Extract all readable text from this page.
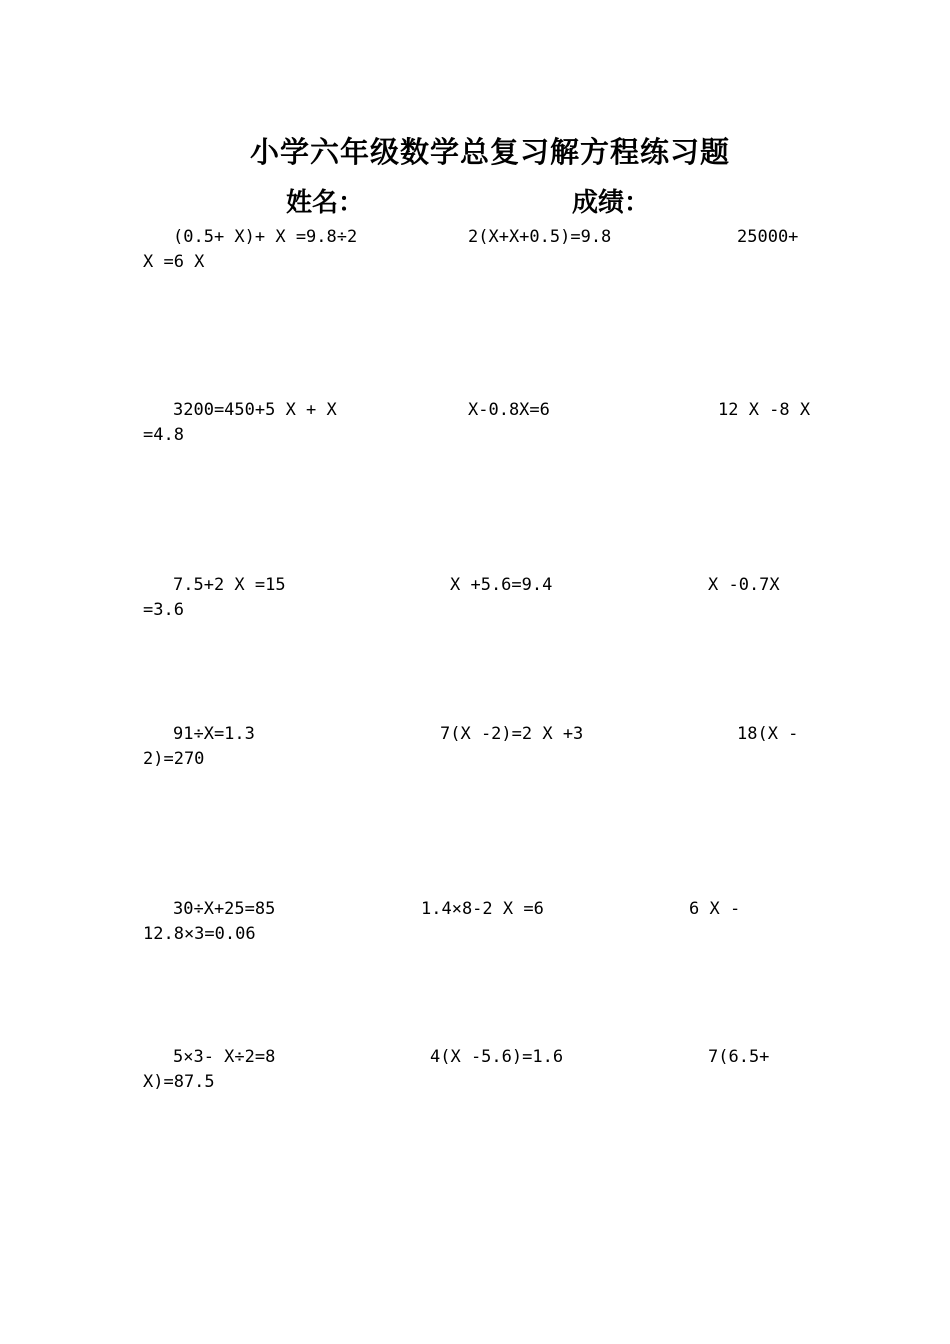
小学六年级数学总复习解方程练习题
姓名：	成绩：
(0.5+ X)+ X =9.8÷2	2(X+X+0.5)=9.8	25000+
X =6 X
3200=450+5 X + X	X-0.8X=6	12 X -8 X
=4.8
7.5+2 X =15	X +5.6=9.4	X -0.7X
=3.6
91÷X=1.3	7(X -2)=2 X +3	18(X -
2)=270
30÷X+25=85	1.4×8-2 X =6	6 X -
12.8×3=0.06
5×3- X÷2=8	4(X -5.6)=1.6	7(6.5+
X)=87.5
